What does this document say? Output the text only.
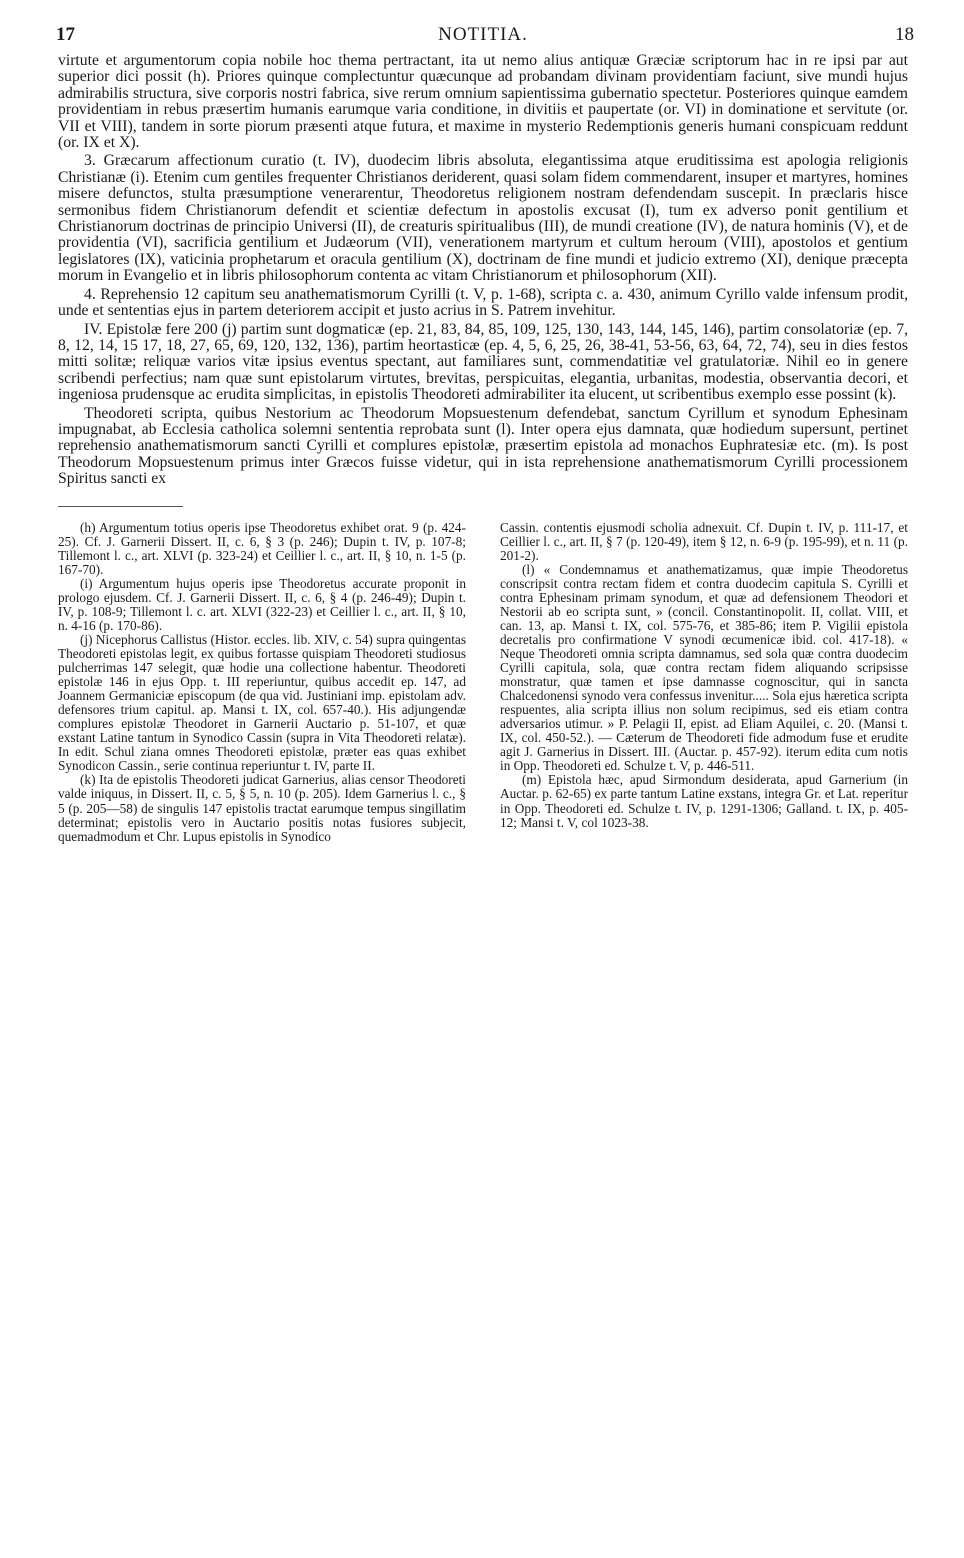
17	NOTITIA.	18

virtute et argumentorum copia nobile hoc thema pertractant, ita ut nemo alius antiquæ Græciæ scriptorum hac in re ipsi par aut superior dici possit (h). Priores quinque complectuntur quæcunque ad probandam divinam providentiam faciunt, sive mundi hujus admirabilis structura, sive corporis nostri fabrica, sive rerum omnium sapientissima gubernatio spectetur. Posteriores quinque eamdem providentiam in rebus præsertim humanis earumque varia conditione, in divitiis et paupertate (or. VI) in dominatione et servitute (or. VII et VIII), tandem in sorte piorum præsenti atque futura, et maxime in mysterio Redemptionis generis humani conspicuam reddunt (or. IX et X).

3. Græcarum affectionum curatio (t. IV), duodecim libris absoluta, elegantissima atque eruditissima est apologia religionis Christianæ (i). Etenim cum gentiles frequenter Christianos deriderent, quasi solam fidem commendarent, insuper et martyres, homines misere defunctos, stulta præsumptione venerarentur, Theodoretus religionem nostram defendendam suscepit. In præclaris hisce sermonibus fidem Christianorum defendit et scientiæ defectum in apostolis excusat (I), tum ex adverso ponit gentilium et Christianorum doctrinas de principio Universi (II), de creaturis spiritualibus (III), de mundi creatione (IV), de natura hominis (V), et de providentia (VI), sacrificia gentilium et Judæorum (VII), venerationem martyrum et cultum heroum (VIII), apostolos et gentium legislatores (IX), vaticinia prophetarum et oracula gentilium (X), doctrinam de fine mundi et judicio extremo (XI), denique præcepta morum in Evangelio et in libris philosophorum contenta ac vitam Christianorum et philosophorum (XII).

4. Reprehensio 12 capitum seu anathematismorum Cyrilli (t. V, p. 1-68), scripta c. a. 430, animum Cyrillo valde infensum prodit, unde et sententias ejus in partem deteriorem accipit et justo acrius in S. Patrem invehitur.

IV. Epistolæ fere 200 (j) partim sunt dogmaticæ (ep. 21, 83, 84, 85, 109, 125, 130, 143, 144, 145, 146), partim consolatoriæ (ep. 7, 8, 12, 14, 15 17, 18, 27, 65, 69, 120, 132, 136), partim heortasticæ (ep. 4, 5, 6, 25, 26, 38-41, 53-56, 63, 64, 72, 74), seu in dies festos mitti solitæ; reliquæ varios vitæ ipsius eventus spectant, aut familiares sunt, commendatitiæ vel gratulatoriæ. Nihil eo in genere scribendi perfectius; nam quæ sunt epistolarum virtutes, brevitas, perspicuitas, elegantia, urbanitas, modestia, observantia decori, et ingeniosa prudensque ac erudita simplicitas, in epistolis Theodoreti admirabiliter ita elucent, ut scribentibus exemplo esse possint (k).

Theodoreti scripta, quibus Nestorium ac Theodorum Mopsuestenum defendebat, sanctum Cyrillum et synodum Ephesinam impugnabat, ab Ecclesia catholica solemni sententia reprobata sunt (l). Inter opera ejus damnata, quæ hodiedum supersunt, pertinet reprehensio anathematismorum sancti Cyrilli et complures epistolæ, præsertim epistola ad monachos Euphratesiæ etc. (m). Is post Theodorum Mopsuestenum primus inter Græcos fuisse videtur, qui in ista reprehensione anathematismorum Cyrilli processionem Spiritus sancti ex

(h) Argumentum totius operis ipse Theodoretus exhibet orat. 9 (p. 424-25). Cf. J. Garnerii Dissert. II, c. 6, § 3 (p. 246); Dupin t. IV, p. 107-8; Tillemont l. c., art. XLVI (p. 323-24) et Ceillier l. c., art. II, § 10, n. 1-5 (p. 167-70).

(i) Argumentum hujus operis ipse Theodoretus accurate proponit in prologo ejusdem. Cf. J. Garnerii Dissert. II, c. 6, § 4 (p. 246-49); Dupin t. IV, p. 108-9; Tillemont l. c. art. XLVI (322-23) et Ceillier l. c., art. II, § 10, n. 4-16 (p. 170-86).

(j) Nicephorus Callistus (Histor. eccles. lib. XIV, c. 54) supra quingentas Theodoreti epistolas legit, ex quibus fortasse quispiam Theodoreti studiosus pulcherrimas 147 selegit, quæ hodie una collectione habentur. Theodoreti epistolæ 146 in ejus Opp. t. III reperiuntur, quibus accedit ep. 147, ad Joannem Germaniciæ episcopum (de qua vid. Justiniani imp. epistolam adv. defensores trium capitul. ap. Mansi t. IX, col. 657-40.). His adjungendæ complures epistolæ Theodoret in Garnerii Auctario p. 51-107, et quæ exstant Latine tantum in Synodico Cassin (supra in Vita Theodoreti relatæ). In edit. Schul ziana omnes Theodoreti epistolæ, præter eas quas exhibet Synodicon Cassin., serie continua reperiuntur t. IV, parte II.

(k) Ita de epistolis Theodoreti judicat Garnerius, alias censor Theodoreti valde iniquus, in Dissert. II, c. 5, § 5, n. 10 (p. 205). Idem Garnerius l. c., § 5 (p. 205—58) de singulis 147 epistolis tractat earumque tempus singillatim determinat; epistolis vero in Auctario positis notas fusiores subjecit, quemadmodum et Chr. Lupus epistolis in Synodico

Cassin. contentis ejusmodi scholia adnexuit. Cf. Dupin t. IV, p. 111-17, et Ceillier l. c., art. II, § 7 (p. 120-49), item § 12, n. 6-9 (p. 195-99), et n. 11 (p. 201-2).

(l) « Condemnamus et anathematizamus, quæ impie Theodoretus conscripsit contra rectam fidem et contra duodecim capitula S. Cyrilli et contra Ephesinam primam synodum, et quæ ad defensionem Theodori et Nestorii ab eo scripta sunt, » (concil. Constantinopolit. II, collat. VIII, et can. 13, ap. Mansi t. IX, col. 575-76, et 385-86; item P. Vigilii epistola decretalis pro confirmatione V synodi œcumenicæ ibid. col. 417-18). « Neque Theodoreti omnia scripta damnamus, sed sola quæ contra duodecim Cyrilli capitula, sola, quæ contra rectam fidem aliquando scripsisse monstratur, quæ tamen et ipse damnasse cognoscitur, qui in sancta Chalcedonensi synodo vera confessus invenitur..... Sola ejus hæretica scripta respuentes, alia scripta illius non solum recipimus, sed eis etiam contra adversarios utimur. » P. Pelagii II, epist. ad Eliam Aquilei, c. 20. (Mansi t. IX, col. 450-52.). — Cæterum de Theodoreti fide admodum fuse et erudite agit J. Garnerius in Dissert. III. (Auctar. p. 457-92). iterum edita cum notis in Opp. Theodoreti ed. Schulze t. V, p. 446-511.

(m) Epistola hæc, apud Sirmondum desiderata, apud Garnerium (in Auctar. p. 62-65) ex parte tantum Latine exstans, integra Gr. et Lat. reperitur in Opp. Theodoreti ed. Schulze t. IV, p. 1291-1306; Galland. t. IX, p. 405-12; Mansi t. V, col 1023-38.
